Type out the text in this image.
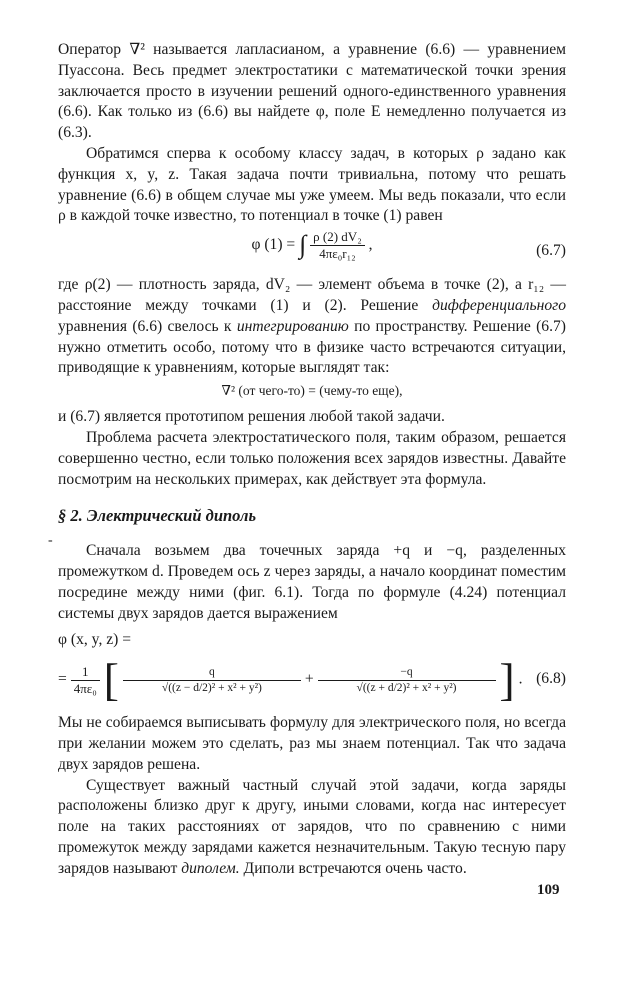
Оператор ∇² называется лапласианом, а уравнение (6.6) — уравнением Пуассона. Весь предмет электростатики с математической точки зрения заключается просто в изучении решений одного-единственного уравнения (6.6). Как только из (6.6) вы найдете φ, поле E немедленно получается из (6.3).

Обратимся сперва к особому классу задач, в которых ρ задано как функция x, y, z. Такая задача почти тривиальна, потому что решать уравнение (6.6) в общем случае мы уже умеем. Мы ведь показали, что если ρ в каждой точке известно, то потенциал в точке (1) равен

φ (1) = ∫ $\frac{\text{ρ (2) dV₂}}{\text{4πε₀r₁₂}}$ ,	(6.7)

где ρ(2) — плотность заряда, dV₂ — элемент объема в точке (2), а r₁₂ — расстояние между точками (1) и (2). Решение дифференциального уравнения (6.6) свелось к интегрированию по пространству. Решение (6.7) нужно отметить особо, потому что в физике часто встречаются ситуации, приводящие к уравнениям, которые выглядят так:

∇² (от чего-то) = (чему-то еще),

и (6.7) является прототипом решения любой такой задачи.

Проблема расчета электростатического поля, таким образом, решается совершенно честно, если только положения всех зарядов известны. Давайте посмотрим на нескольких примерах, как действует эта формула.

§ 2. Электрический диполь

Сначала возьмем два точечных заряда +q и −q, разделенных промежутком d. Проведем ось z через заряды, а начало координат поместим посредине между ними (фиг. 6.1). Тогда по формуле (4.24) потенциал системы двух зарядов дается выражением

φ (x, y, z) =
= $\frac{1}{\text{4πε₀}}$ [ $\frac{q}{\text{√((z − d/2)² + x² + y²)}} + \frac{-q}{\text{√((z + d/2)² + x² + y²)}}$ ] . (6.8)

Мы не собираемся выписывать формулу для электрического поля, но всегда при желании можем это сделать, раз мы знаем потенциал. Так что задача двух зарядов решена.

Существует важный частный случай этой задачи, когда заряды расположены близко друг к другу, иными словами, когда нас интересует поле на таких расстояниях от зарядов, что по сравнению с ними промежуток между зарядами кажется незначительным. Такую тесную пару зарядов называют диполем. Диполи встречаются очень часто.

-
109
